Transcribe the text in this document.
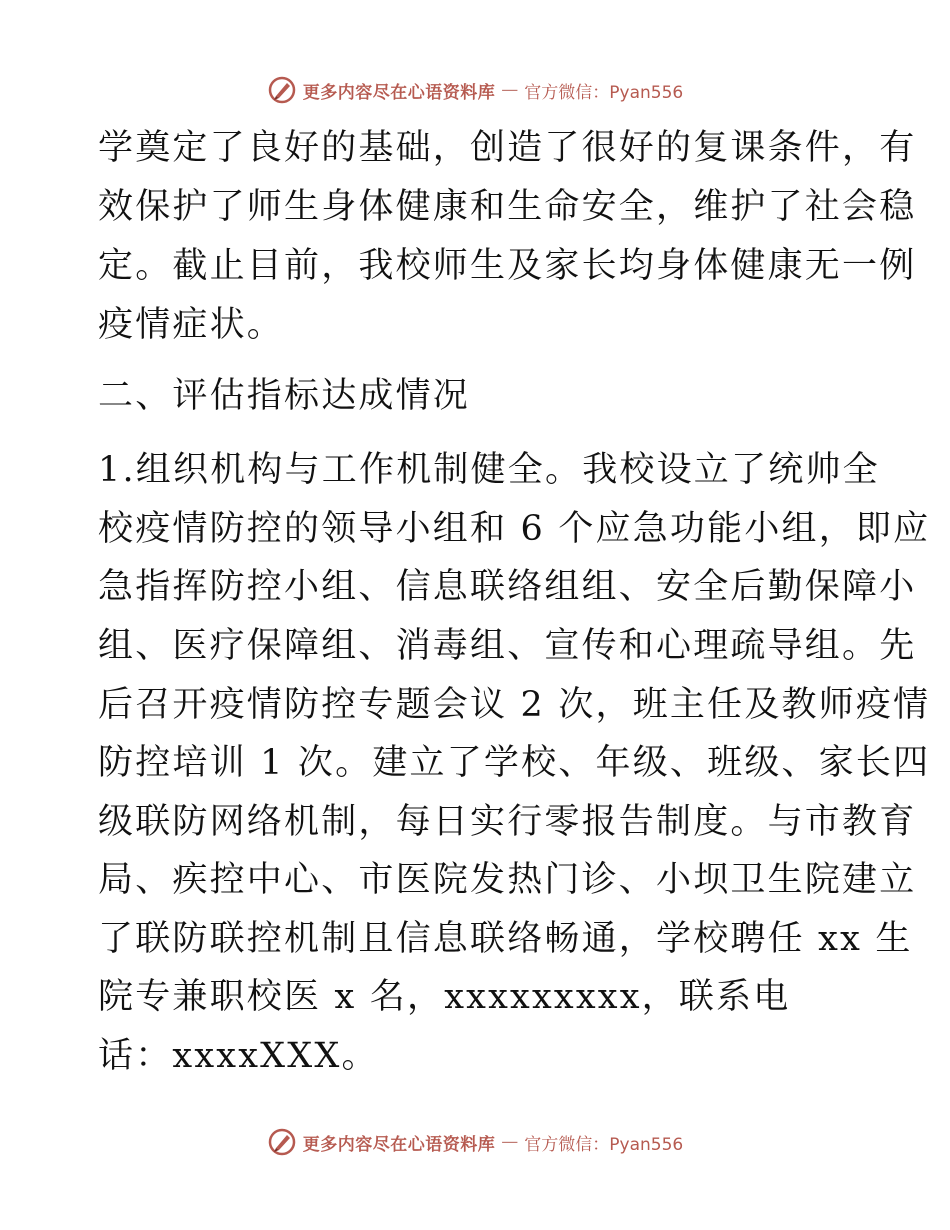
更多内容尽在心语资料库 — 官方微信：Pyan556
学奠定了良好的基础，创造了很好的复课条件，有
效保护了师生身体健康和生命安全，维护了社会稳
定。截止目前，我校师生及家长均身体健康无一例
疫情症状。
二、评估指标达成情况
1.组织机构与工作机制健全。我校设立了统帅全
校疫情防控的领导小组和 6 个应急功能小组，即应
急指挥防控小组、信息联络组组、安全后勤保障小
组、医疗保障组、消毒组、宣传和心理疏导组。先
后召开疫情防控专题会议 2 次，班主任及教师疫情
防控培训 1 次。建立了学校、年级、班级、家长四
级联防网络机制，每日实行零报告制度。与市教育
局、疾控中心、市医院发热门诊、小坝卫生院建立
了联防联控机制且信息联络畅通，学校聘任 xx 生
院专兼职校医 x 名，xxxxxxxxx，联系电
话：xxxxXXX。
更多内容尽在心语资料库 — 官方微信：Pyan556
